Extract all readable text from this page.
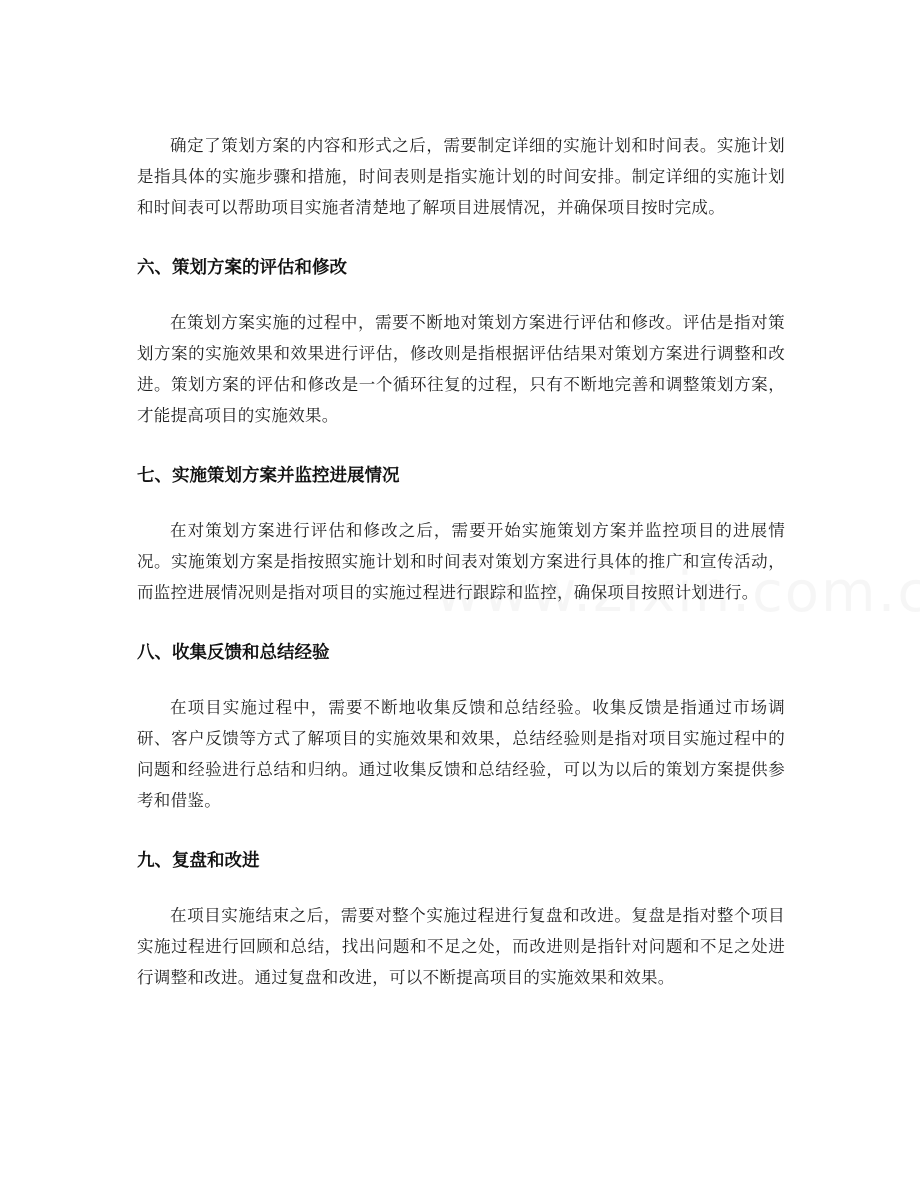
确定了策划方案的内容和形式之后，需要制定详细的实施计划和时间表。实施计划是指具体的实施步骤和措施，时间表则是指实施计划的时间安排。制定详细的实施计划和时间表可以帮助项目实施者清楚地了解项目进展情况，并确保项目按时完成。

六、策划方案的评估和修改

在策划方案实施的过程中，需要不断地对策划方案进行评估和修改。评估是指对策划方案的实施效果和效果进行评估，修改则是指根据评估结果对策划方案进行调整和改进。策划方案的评估和修改是一个循环往复的过程，只有不断地完善和调整策划方案，才能提高项目的实施效果。

七、实施策划方案并监控进展情况

在对策划方案进行评估和修改之后，需要开始实施策划方案并监控项目的进展情况。实施策划方案是指按照实施计划和时间表对策划方案进行具体的推广和宣传活动，而监控进展情况则是指对项目的实施过程进行跟踪和监控，确保项目按照计划进行。

八、收集反馈和总结经验

在项目实施过程中，需要不断地收集反馈和总结经验。收集反馈是指通过市场调研、客户反馈等方式了解项目的实施效果和效果，总结经验则是指对项目实施过程中的问题和经验进行总结和归纳。通过收集反馈和总结经验，可以为以后的策划方案提供参考和借鉴。

九、复盘和改进

在项目实施结束之后，需要对整个实施过程进行复盘和改进。复盘是指对整个项目实施过程进行回顾和总结，找出问题和不足之处，而改进则是指针对问题和不足之处进行调整和改进。通过复盘和改进，可以不断提高项目的实施效果和效果。
